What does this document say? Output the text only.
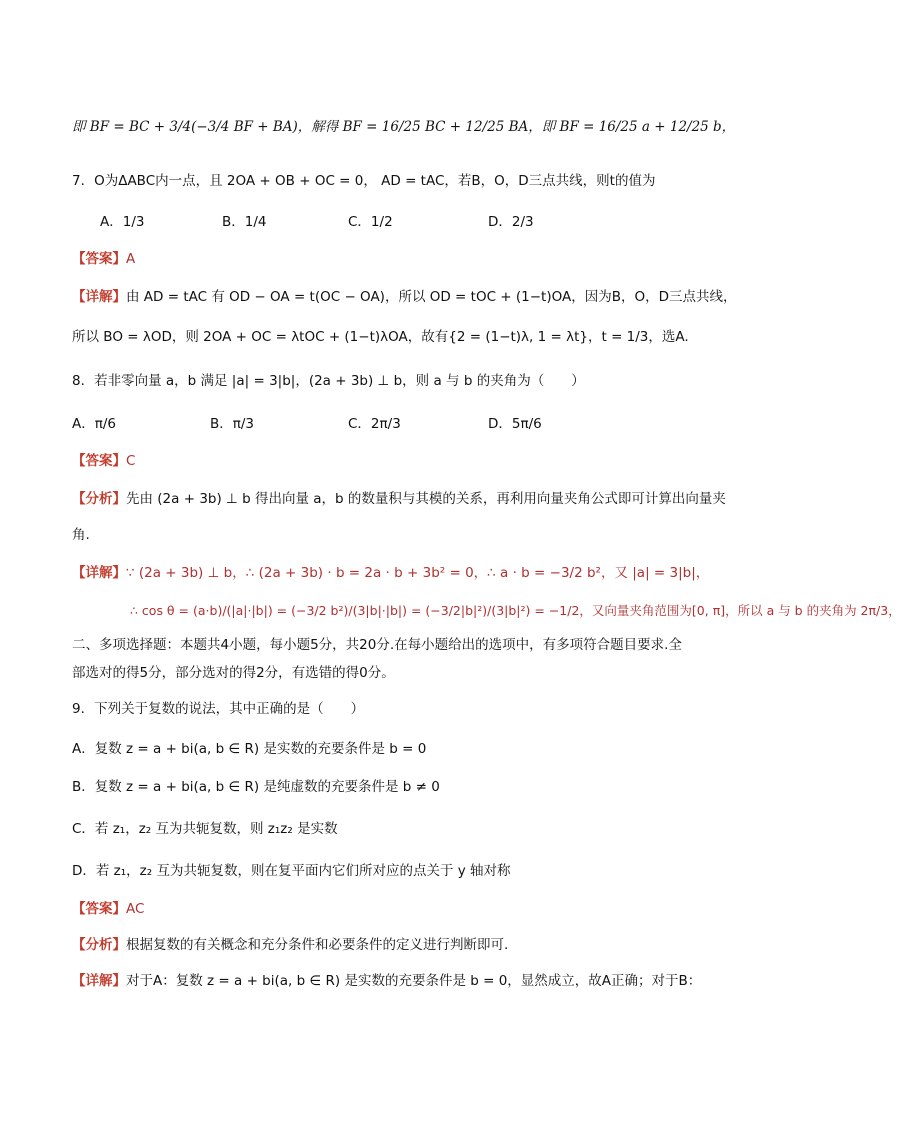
即 BF = BC + 3/4(−3/4 BF + BA)，解得 BF = 16/25 BC + 12/25 BA，即 BF = 16/25 a + 12/25 b，
7．O为ΔABC内一点，且 2OA + OB + OC = 0， AD = tAC，若B，O，D三点共线，则t的值为
A．1/3	B．1/4	C．1/2	D．2/3
【答案】A
【详解】由 AD = tAC 有 OD − OA = t(OC − OA)，所以 OD = tOC + (1−t)OA，因为B，O，D三点共线，
所以 BO = λOD，则 2OA + OC = λtOC + (1−t)λOA，故有{2 = (1−t)λ, 1 = λt}，t = 1/3，选A.
8．若非零向量 a，b 满足 |a| = 3|b|，(2a + 3b) ⊥ b，则 a 与 b 的夹角为（　　）
A．π/6	B．π/3	C．2π/3	D．5π/6
【答案】C
【分析】先由 (2a + 3b) ⊥ b 得出向量 a，b 的数量积与其模的关系，再利用向量夹角公式即可计算出向量夹
角.
【详解】∵ (2a + 3b) ⊥ b，∴ (2a + 3b) · b = 2a · b + 3b² = 0，∴ a · b = −3/2 b²，又 |a| = 3|b|，
∴ cos θ = (a·b)/(|a|·|b|) = (−3/2 b²)/(3|b|·|b|) = (−3/2|b|²)/(3|b|²) = −1/2，又向量夹角范围为[0, π]，所以 a 与 b 的夹角为 2π/3，
二、多项选择题：本题共4小题，每小题5分，共20分.在每小题给出的选项中，有多项符合题目要求.全
部选对的得5分，部分选对的得2分，有选错的得0分。
9．下列关于复数的说法，其中正确的是（　　）
A．复数 z = a + bi(a, b ∈ R) 是实数的充要条件是 b = 0
B．复数 z = a + bi(a, b ∈ R) 是纯虚数的充要条件是 b ≠ 0
C．若 z₁，z₂ 互为共轭复数，则 z₁z₂ 是实数
D．若 z₁，z₂ 互为共轭复数，则在复平面内它们所对应的点关于 y 轴对称
【答案】AC
【分析】根据复数的有关概念和充分条件和必要条件的定义进行判断即可.
【详解】对于A：复数 z = a + bi(a, b ∈ R) 是实数的充要条件是 b = 0，显然成立，故A正确；对于B：
